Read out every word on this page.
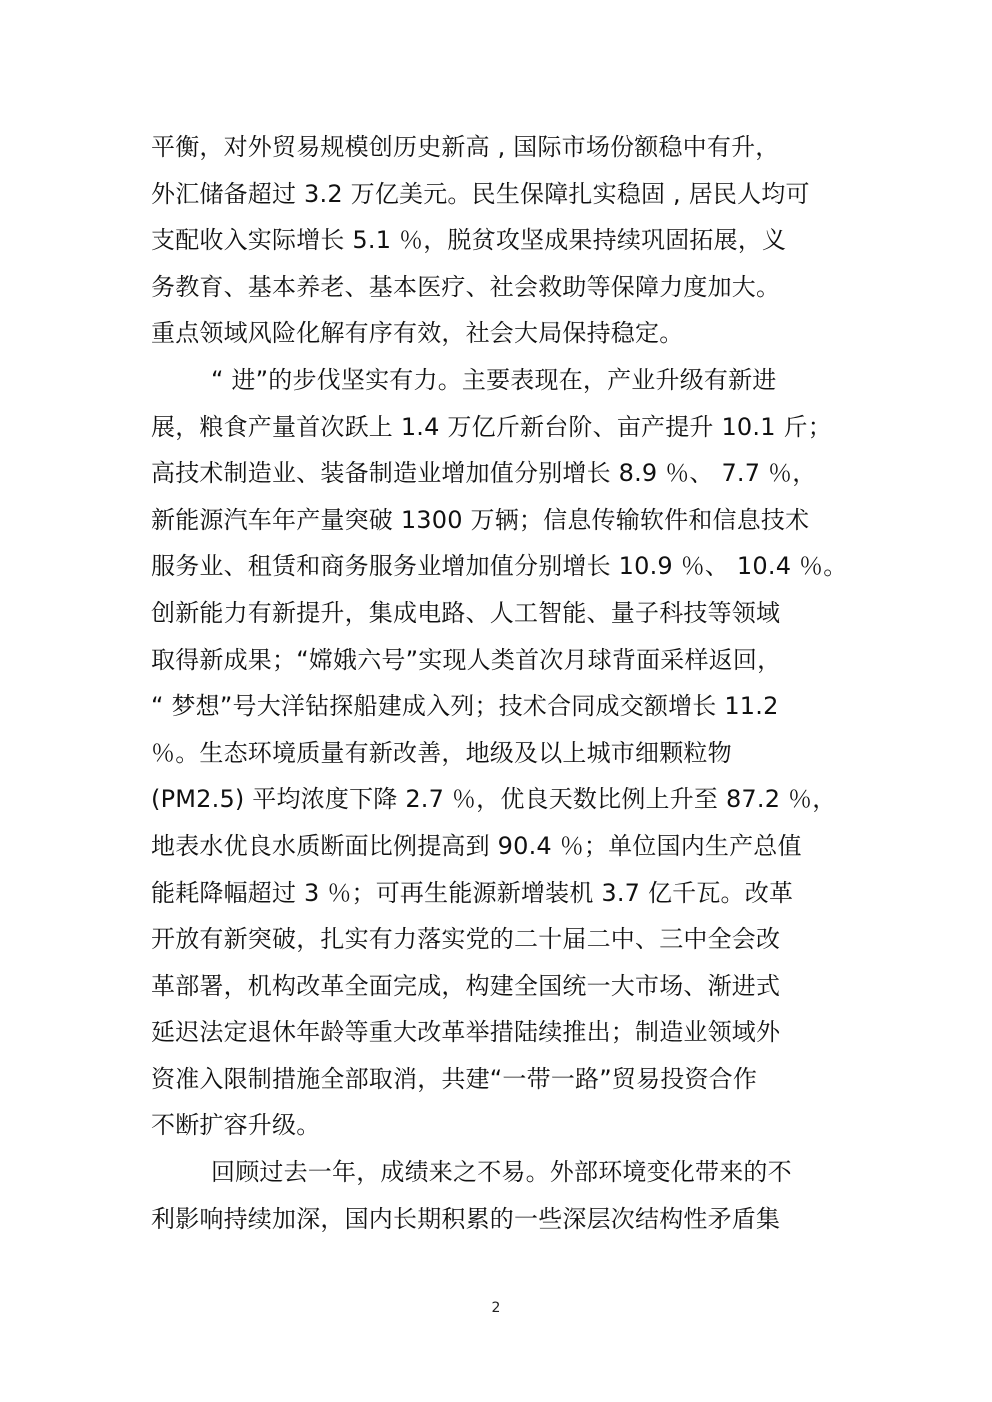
平衡，对外贸易规模创历史新高 , 国际市场份额稳中有升，
外汇储备超过 3.2 万亿美元。民生保障扎实稳固 , 居民人均可
支配收入实际增长 5.1 ％，脱贫攻坚成果持续巩固拓展，义
务教育、基本养老、基本医疗、社会救助等保障力度加大。
重点领域风险化解有序有效，社会大局保持稳定。
“ 进”的步伐坚实有力。主要表现在，产业升级有新进
展，粮食产量首次跃上 1.4 万亿斤新台阶、亩产提升 10.1 斤；
高技术制造业、装备制造业增加值分别增长 8.9 ％、 7.7 ％，
新能源汽车年产量突破 1300 万辆；信息传输软件和信息技术
服务业、租赁和商务服务业增加值分别增长 10.9 ％、 10.4 ％。
创新能力有新提升，集成电路、人工智能、量子科技等领域
取得新成果；“嫦娥六号”实现人类首次月球背面采样返回，
“ 梦想”号大洋钻探船建成入列；技术合同成交额增长 11.2
％。生态环境质量有新改善，地级及以上城市细颗粒物
(PM2.5) 平均浓度下降 2.7 ％，优良天数比例上升至 87.2 ％，
地表水优良水质断面比例提高到 90.4 ％；单位国内生产总值
能耗降幅超过 3 ％；可再生能源新增装机 3.7 亿千瓦。改革
开放有新突破，扎实有力落实党的二十届二中、三中全会改
革部署，机构改革全面完成，构建全国统一大市场、渐进式
延迟法定退休年龄等重大改革举措陆续推出；制造业领域外
资准入限制措施全部取消，共建“一带一路”贸易投资合作
不断扩容升级。
回顾过去一年，成绩来之不易。外部环境变化带来的不
利影响持续加深，国内长期积累的一些深层次结构性矛盾集
2
